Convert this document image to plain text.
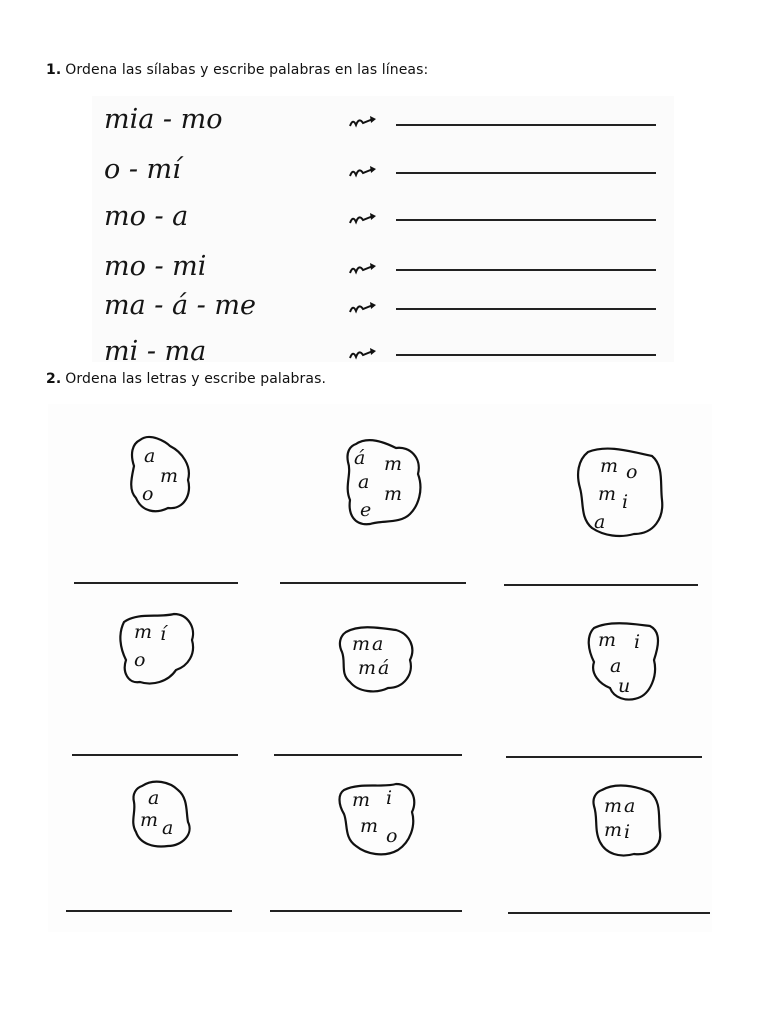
1. Ordena las sílabas y escribe palabras en las líneas:
mia - mo
o - mí
mo - a
mo - mi
ma - á - me
mi - ma
2. Ordena las letras y escribe palabras.
a
m
o
á m
a
m
e
m o
m i
a
m í
o
m a
m á
m i
a
u
a
m a
m i
m o
m a
m i
